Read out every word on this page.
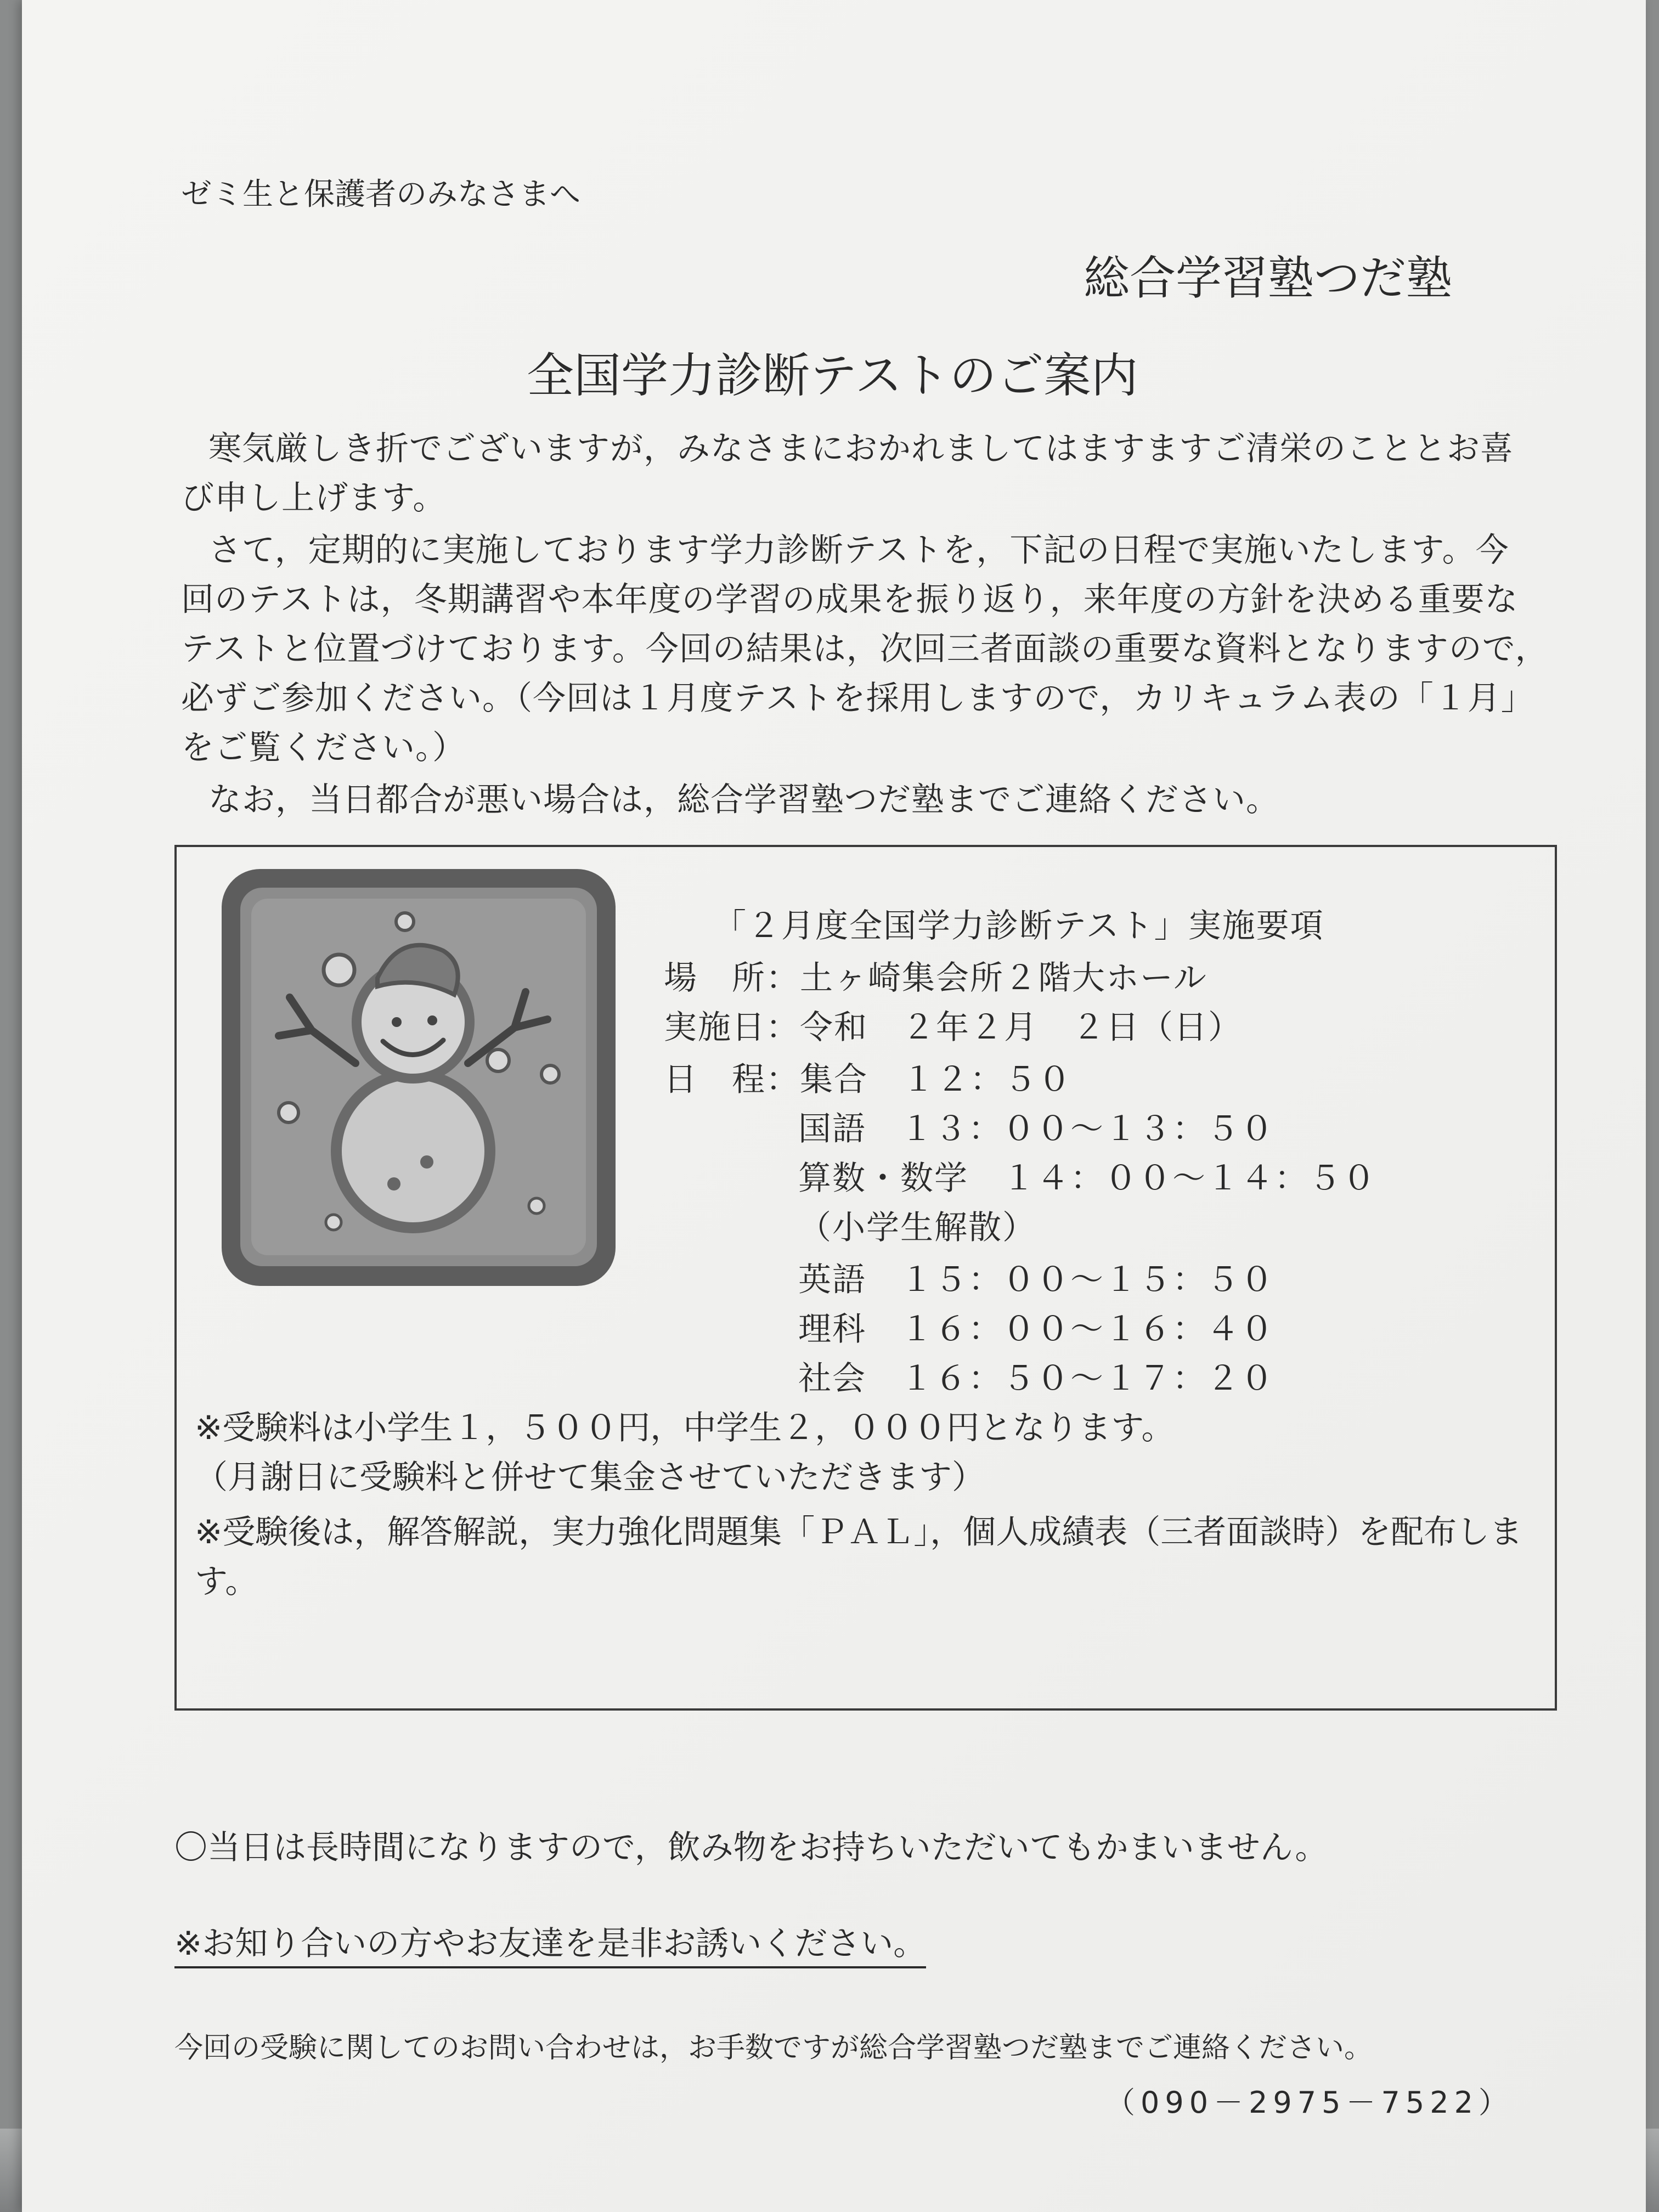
ゼミ生と保護者のみなさまへ
総合学習塾つだ塾
全国学力診断テストのご案内
寒気厳しき折でございますが，みなさまにおかれましてはますますご清栄のこととお喜
び申し上げます。
さて，定期的に実施しております学力診断テストを，下記の日程で実施いたします。今
回のテストは，冬期講習や本年度の学習の成果を振り返り，来年度の方針を決める重要な
テストと位置づけております。今回の結果は，次回三者面談の重要な資料となりますので，
必ずご参加ください。（今回は１月度テストを採用しますので，カリキュラム表の「１月」
をご覧ください。）
なお，当日都合が悪い場合は，総合学習塾つだ塾までご連絡ください。
「２月度全国学力診断テスト」実施要項
場　所：土ヶ崎集会所２階大ホール
実施日：令和　２年２月　２日（日）
日　程：集合　１２：５０
国語　１３：００～１３：５０
算数・数学　１４：００～１４：５０
（小学生解散）
英語　１５：００～１５：５０
理科　１６：００～１６：４０
社会　１６：５０～１７：２０
※受験料は小学生１，５００円，中学生２，０００円となります。
（月謝日に受験料と併せて集金させていただきます）
※受験後は，解答解説，実力強化問題集「ＰＡＬ」，個人成績表（三者面談時）を配布しま
す。
〇当日は長時間になりますので，飲み物をお持ちいただいてもかまいません。
※お知り合いの方やお友達を是非お誘いください。
今回の受験に関してのお問い合わせは，お手数ですが総合学習塾つだ塾までご連絡ください。
（090－2975－7522）
